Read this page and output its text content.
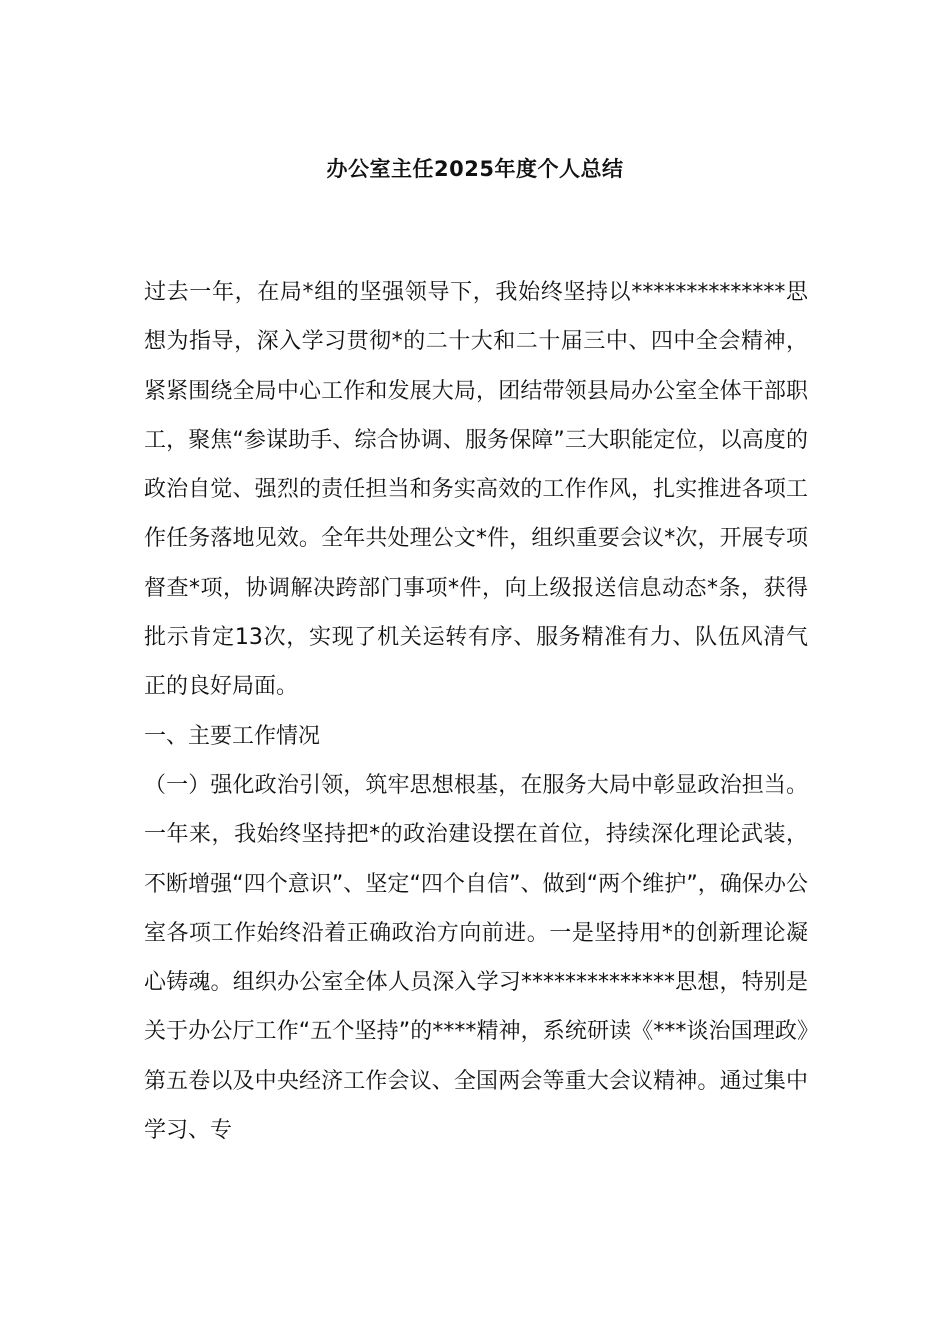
办公室主任2025年度个人总结

过去一年，在局*组的坚强领导下，我始终坚持以**************思想为指导，深入学习贯彻*的二十大和二十届三中、四中全会精神，紧紧围绕全局中心工作和发展大局，团结带领县局办公室全体干部职工，聚焦“参谋助手、综合协调、服务保障”三大职能定位，以高度的政治自觉、强烈的责任担当和务实高效的工作作风，扎实推进各项工作任务落地见效。全年共处理公文*件，组织重要会议*次，开展专项督查*项，协调解决跨部门事项*件，向上级报送信息动态*条，获得批示肯定13次，实现了机关运转有序、服务精准有力、队伍风清气正的良好局面。

一、主要工作情况

（一）强化政治引领，筑牢思想根基，在服务大局中彰显政治担当。一年来，我始终坚持把*的政治建设摆在首位，持续深化理论武装，不断增强“四个意识”、坚定“四个自信”、做到“两个维护”，确保办公室各项工作始终沿着正确政治方向前进。一是坚持用*的创新理论凝心铸魂。组织办公室全体人员深入学习**************思想，特别是关于办公厅工作“五个坚持”的****精神，系统研读《***谈治国理政》第五卷以及中央经济工作会议、全国两会等重大会议精神。通过集中学习、专
